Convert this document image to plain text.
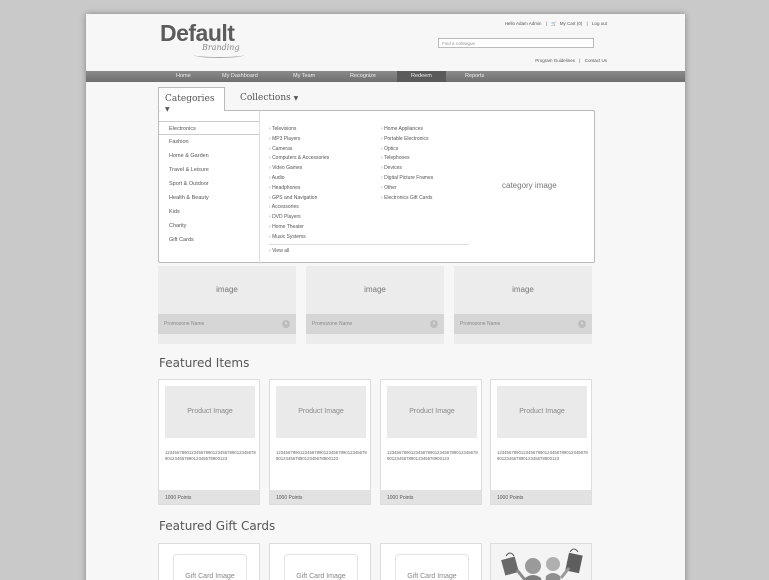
Default
Branding
Hello Adam Admin | 🛒 My Cart (0) | Log out
Find a colleague
Program Guidelines | Contact Us
Home	My Dashboard	My Team	Recognize	Redeem	Reports
Categories ▼
Collections ▼
Electronics
Fashion
Home & Garden
Travel & Leisure
Sport & Outdoor
Health & Beauty
Kids
Charity
Gift Cards
› Televisions
› MP3 Players
› Cameras
› Computers & Accessories
› Video Games
› Audio
› Headphones
› GPS and Navigation
› Accessories
› DVD Players
› Home Theater
› Music Systems
› Home Appliances
› Portable Electronics
› Optics
› Telephones
› Devices
› Digital Picture Frames
› Other
› Electronics Gift Cards
› View all
category image
image
Promozone Name	›
image
Promozone Name	›
image
Promozone Name	›
Featured Items
Product Image
1234567890123456789012345678901234567890123456789012345678900123
1000 Points
Product Image
1234567890123456789012345678901234567890123456789012345678900123
1000 Points
Product Image
1234567890123456789012345678901234567890123456789012345678900123
1000 Points
Product Image
1234567890123456789012345678901234567890123456789012345678900123
1000 Points
Featured Gift Cards
Gift Card Image	Gift Card Image	Gift Card Image
